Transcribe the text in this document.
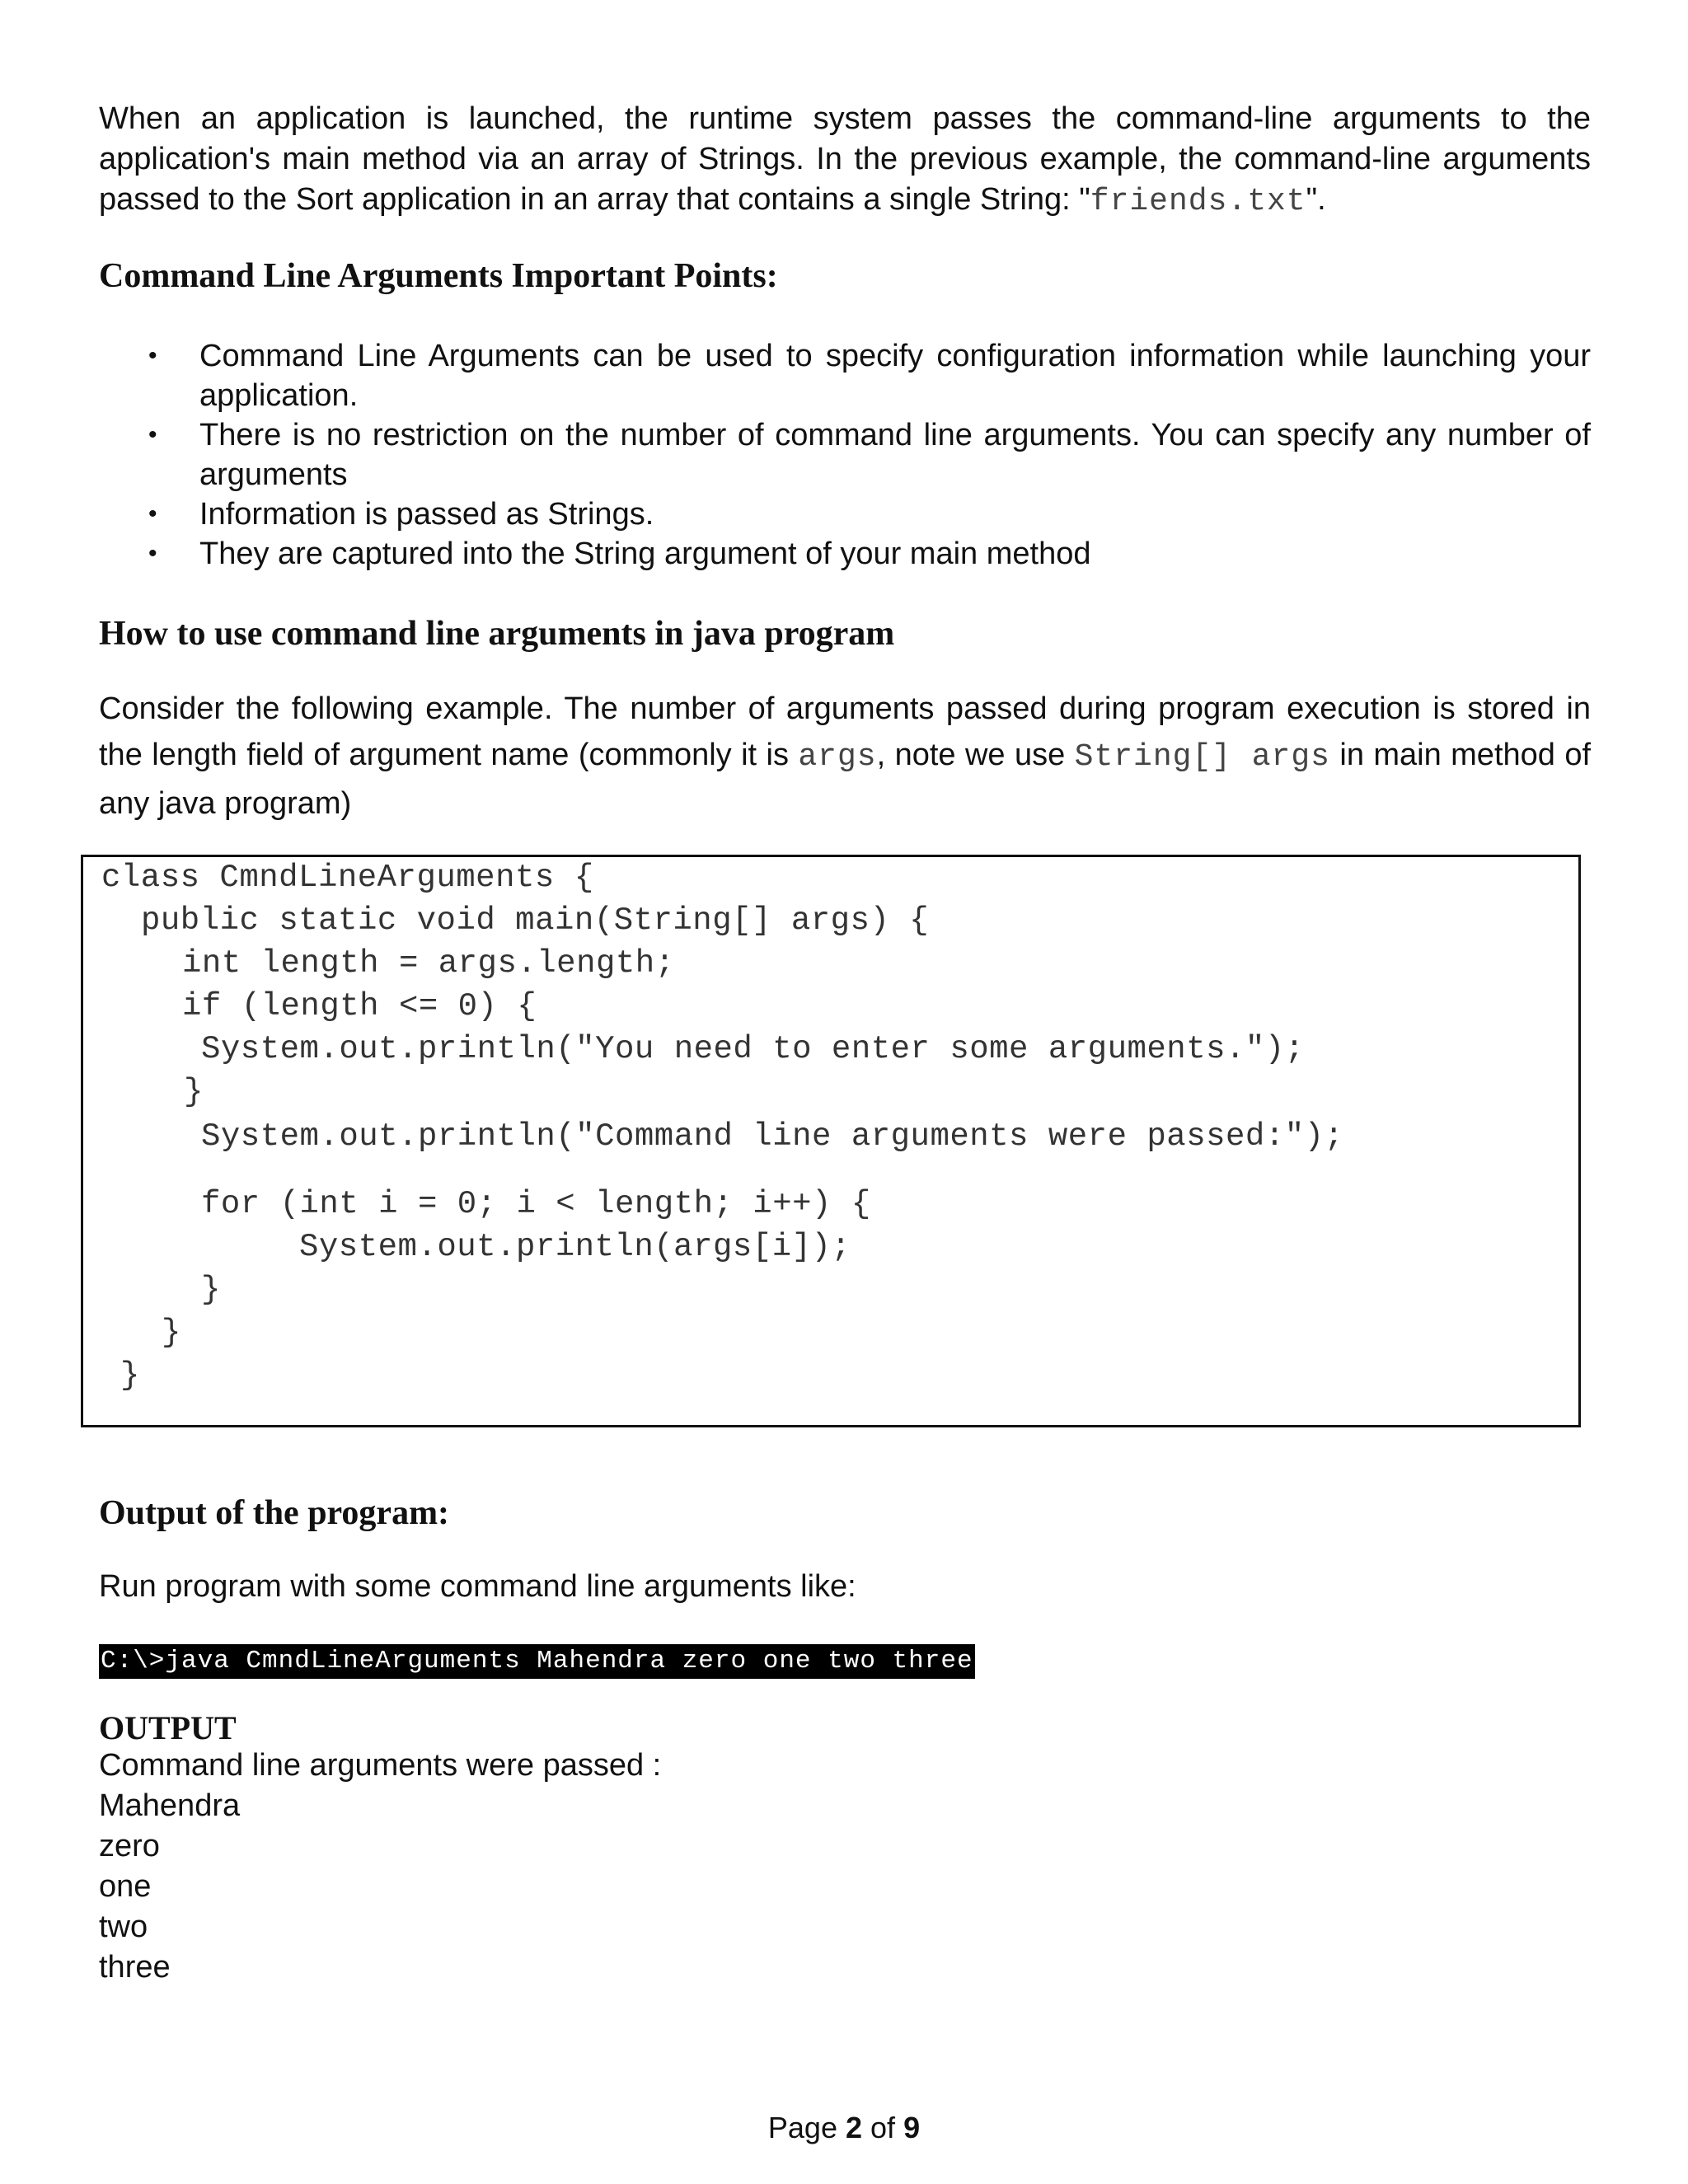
When an application is launched, the runtime system passes the command-line arguments to the application's main method via an array of Strings. In the previous example, the command-line arguments passed to the Sort application in an array that contains a single String: "friends.txt".

Command Line Arguments Important Points:
• Command Line Arguments can be used to specify configuration information while launching your application.
• There is no restriction on the number of command line arguments. You can specify any number of arguments
• Information is passed as Strings.
• They are captured into the String argument of your main method
How to use command line arguments in java program

Consider the following example. The number of arguments passed during program execution is stored in the length field of argument name (commonly it is args, note we use String[] args in main method of any java program)

class CmndLineArguments {
public static void main(String[] args) {
int length = args.length;
if (length <= 0) {
System.out.println("You need to enter some arguments.");
}
System.out.println("Command line arguments were passed:");
for (int i = 0; i < length; i++) {
System.out.println(args[i]);
}
}
}
Output of the program:

Run program with some command line arguments like:

C:\>java CmndLineArguments Mahendra zero one two three
OUTPUT

Command line arguments were passed :

Mahendra

zero

one

two

three

Page 2 of 9
